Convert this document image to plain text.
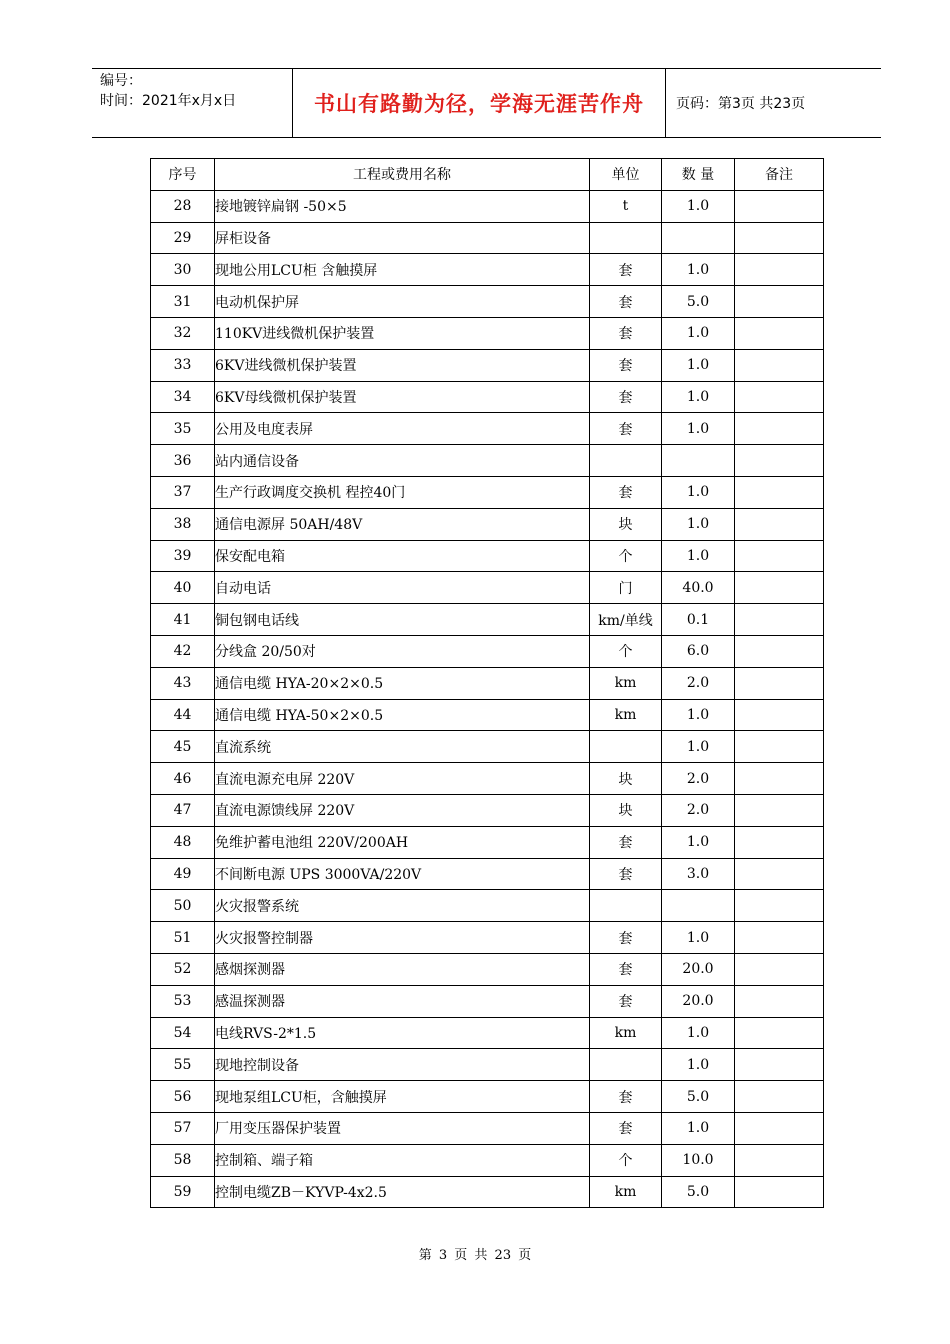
编号：
时间：2021年x月x日	书山有路勤为径，学海无涯苦作舟	页码：第3页 共23页
序号	工程或费用名称	单位	数 量	备注
28	接地镀锌扁钢 -50×5	t	1.0	
29	屏柜设备			
30	现地公用LCU柜 含触摸屏	套	1.0	
31	电动机保护屏	套	5.0	
32	110KV进线微机保护装置	套	1.0	
33	6KV进线微机保护装置	套	1.0	
34	6KV母线微机保护装置	套	1.0	
35	公用及电度表屏	套	1.0	
36	站内通信设备			
37	生产行政调度交换机 程控40门	套	1.0	
38	通信电源屏 50AH/48V	块	1.0	
39	保安配电箱	个	1.0	
40	自动电话	门	40.0	
41	铜包钢电话线	km/单线	0.1	
42	分线盒 20/50对	个	6.0	
43	通信电缆 HYA-20×2×0.5	km	2.0	
44	通信电缆 HYA-50×2×0.5	km	1.0	
45	直流系统		1.0	
46	直流电源充电屏 220V	块	2.0	
47	直流电源馈线屏 220V	块	2.0	
48	免维护蓄电池组 220V/200AH	套	1.0	
49	不间断电源 UPS 3000VA/220V	套	3.0	
50	火灾报警系统			
51	火灾报警控制器	套	1.0	
52	感烟探测器	套	20.0	
53	感温探测器	套	20.0	
54	电线RVS-2*1.5	km	1.0	
55	现地控制设备		1.0	
56	现地泵组LCU柜，含触摸屏	套	5.0	
57	厂用变压器保护装置	套	1.0	
58	控制箱、端子箱	个	10.0	
59	控制电缆ZB－KYVP-4x2.5	km	5.0	
第 3 页 共 23 页
